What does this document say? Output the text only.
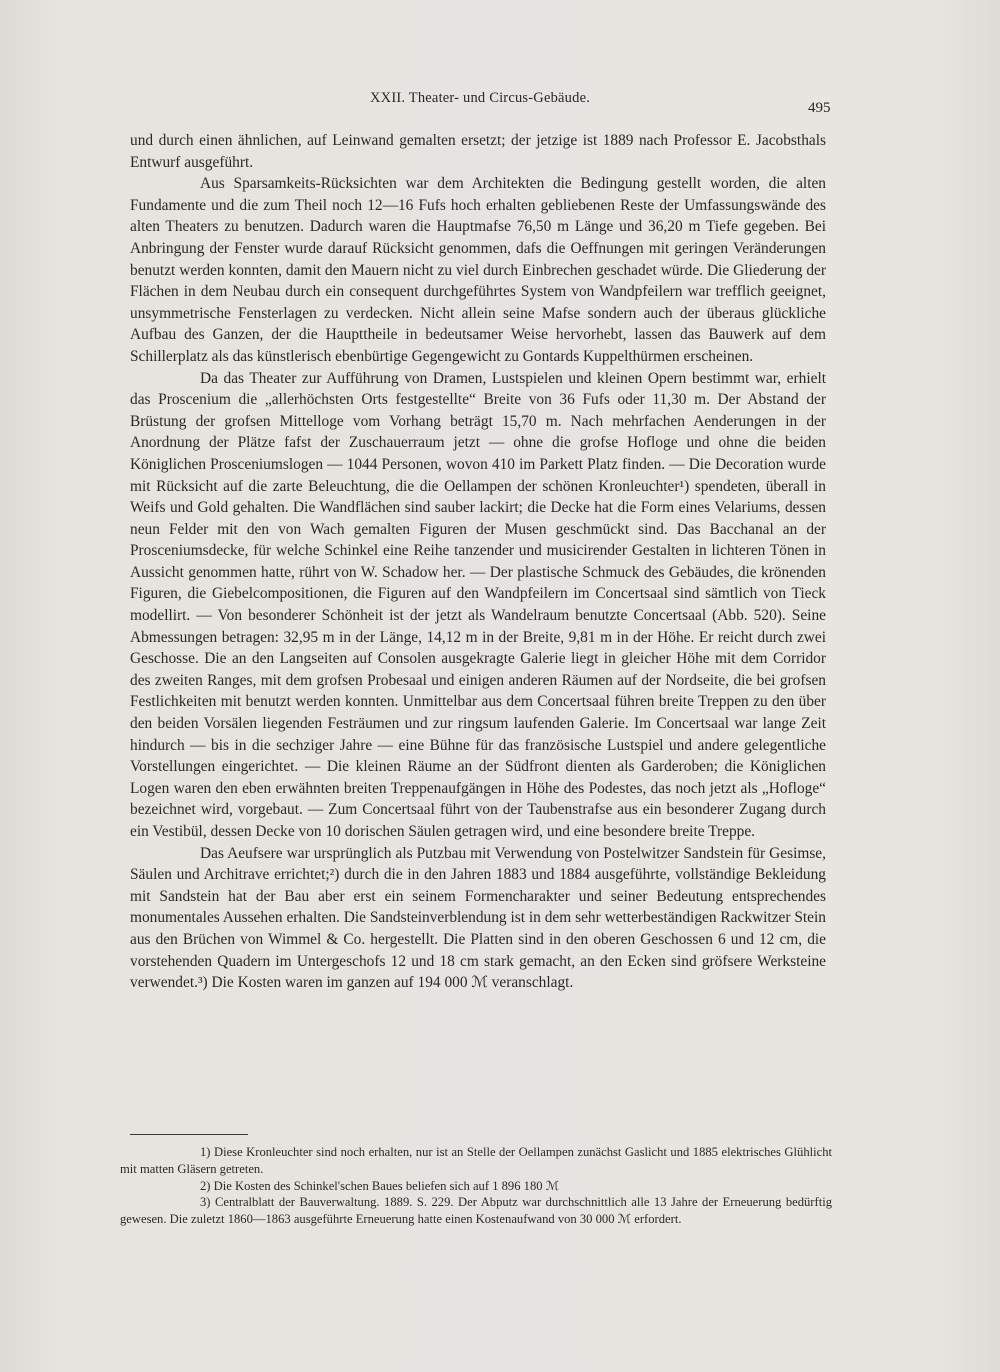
XXII. Theater- und Circus-Gebäude.
495

und durch einen ähnlichen, auf Leinwand gemalten ersetzt; der jetzige ist 1889 nach Professor E. Jacobsthals Entwurf ausgeführt.

Aus Sparsamkeits-Rücksichten war dem Architekten die Bedingung gestellt worden, die alten Fundamente und die zum Theil noch 12—16 Fufs hoch erhalten gebliebenen Reste der Umfassungswände des alten Theaters zu benutzen. Dadurch waren die Hauptmafse 76,50 m Länge und 36,20 m Tiefe gegeben. Bei Anbringung der Fenster wurde darauf Rücksicht genommen, dafs die Oeffnungen mit geringen Veränderungen benutzt werden konnten, damit den Mauern nicht zu viel durch Einbrechen geschadet würde. Die Gliederung der Flächen in dem Neubau durch ein consequent durchgeführtes System von Wandpfeilern war trefflich geeignet, unsymmetrische Fensterlagen zu verdecken. Nicht allein seine Mafse sondern auch der überaus glückliche Aufbau des Ganzen, der die Haupttheile in bedeutsamer Weise hervorhebt, lassen das Bauwerk auf dem Schillerplatz als das künstlerisch ebenbürtige Gegengewicht zu Gontards Kuppelthürmen erscheinen.

Da das Theater zur Aufführung von Dramen, Lustspielen und kleinen Opern bestimmt war, erhielt das Proscenium die „allerhöchsten Orts festgestellte“ Breite von 36 Fufs oder 11,30 m. Der Abstand der Brüstung der grofsen Mittelloge vom Vorhang beträgt 15,70 m. Nach mehrfachen Aenderungen in der Anordnung der Plätze fafst der Zuschauerraum jetzt — ohne die grofse Hofloge und ohne die beiden Königlichen Prosceniumslogen — 1044 Personen, wovon 410 im Parkett Platz finden. — Die Decoration wurde mit Rücksicht auf die zarte Beleuchtung, die die Oellampen der schönen Kronleuchter¹) spendeten, überall in Weifs und Gold gehalten. Die Wandflächen sind sauber lackirt; die Decke hat die Form eines Velariums, dessen neun Felder mit den von Wach gemalten Figuren der Musen geschmückt sind. Das Bacchanal an der Prosceniumsdecke, für welche Schinkel eine Reihe tanzender und musicirender Gestalten in lichteren Tönen in Aussicht genommen hatte, rührt von W. Schadow her. — Der plastische Schmuck des Gebäudes, die krönenden Figuren, die Giebelcompositionen, die Figuren auf den Wandpfeilern im Concertsaal sind sämtlich von Tieck modellirt. — Von besonderer Schönheit ist der jetzt als Wandelraum benutzte Concertsaal (Abb. 520). Seine Abmessungen betragen: 32,95 m in der Länge, 14,12 m in der Breite, 9,81 m in der Höhe. Er reicht durch zwei Geschosse. Die an den Langseiten auf Consolen ausgekragte Galerie liegt in gleicher Höhe mit dem Corridor des zweiten Ranges, mit dem grofsen Probesaal und einigen anderen Räumen auf der Nordseite, die bei grofsen Festlichkeiten mit benutzt werden konnten. Unmittelbar aus dem Concertsaal führen breite Treppen zu den über den beiden Vorsälen liegenden Festräumen und zur ringsum laufenden Galerie. Im Concertsaal war lange Zeit hindurch — bis in die sechziger Jahre — eine Bühne für das französische Lustspiel und andere gelegentliche Vorstellungen eingerichtet. — Die kleinen Räume an der Südfront dienten als Garderoben; die Königlichen Logen waren den eben erwähnten breiten Treppenaufgängen in Höhe des Podestes, das noch jetzt als „Hofloge“ bezeichnet wird, vorgebaut. — Zum Concertsaal führt von der Taubenstrafse aus ein besonderer Zugang durch ein Vestibül, dessen Decke von 10 dorischen Säulen getragen wird, und eine besondere breite Treppe.

Das Aeufsere war ursprünglich als Putzbau mit Verwendung von Postelwitzer Sandstein für Gesimse, Säulen und Architrave errichtet;²) durch die in den Jahren 1883 und 1884 ausgeführte, vollständige Bekleidung mit Sandstein hat der Bau aber erst ein seinem Formencharakter und seiner Bedeutung entsprechendes monumentales Aussehen erhalten. Die Sandsteinverblendung ist in dem sehr wetterbeständigen Rackwitzer Stein aus den Brüchen von Wimmel & Co. hergestellt. Die Platten sind in den oberen Geschossen 6 und 12 cm, die vorstehenden Quadern im Untergeschofs 12 und 18 cm stark gemacht, an den Ecken sind gröfsere Werksteine verwendet.³) Die Kosten waren im ganzen auf 194 000 ℳ veranschlagt.

1) Diese Kronleuchter sind noch erhalten, nur ist an Stelle der Oellampen zunächst Gaslicht und 1885 elektrisches Glühlicht mit matten Gläsern getreten.

2) Die Kosten des Schinkel'schen Baues beliefen sich auf 1 896 180 ℳ

3) Centralblatt der Bauverwaltung. 1889. S. 229. Der Abputz war durchschnittlich alle 13 Jahre der Erneuerung bedürftig gewesen. Die zuletzt 1860—1863 ausgeführte Erneuerung hatte einen Kostenaufwand von 30 000 ℳ erfordert.
